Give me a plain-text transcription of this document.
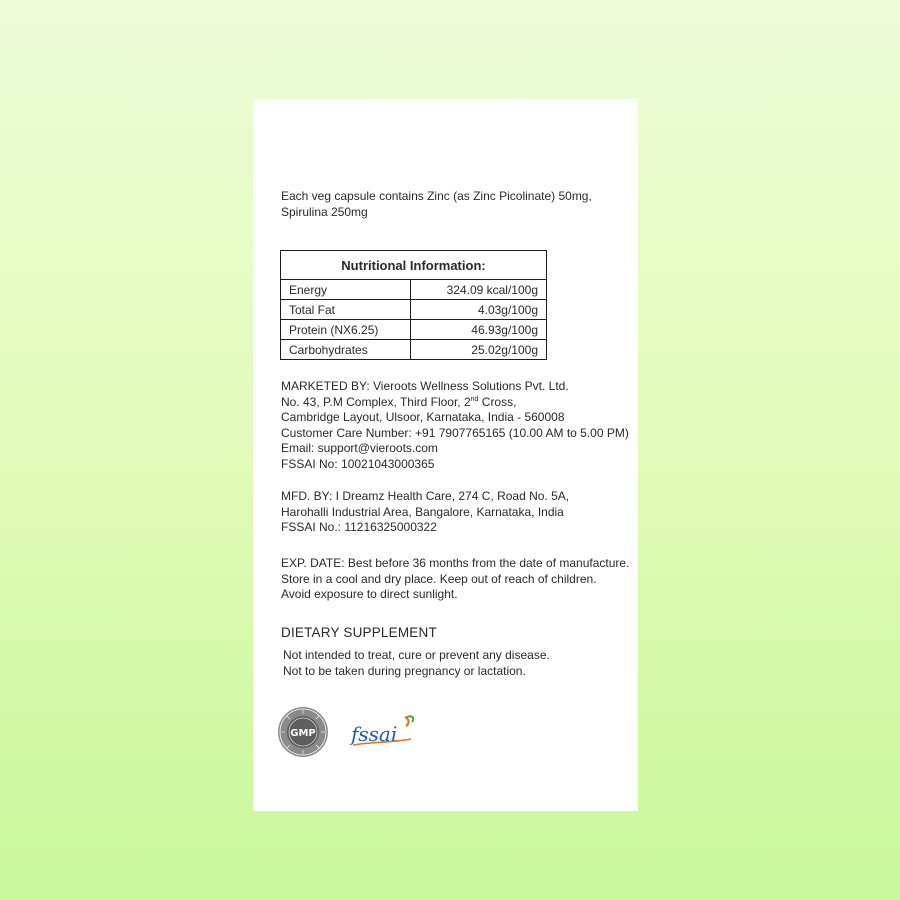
Each veg capsule contains Zinc (as Zinc Picolinate) 50mg,
Spirulina 250mg
Nutritional Information:	
Energy	324.09 kcal/100g
Total Fat	4.03g/100g
Protein (NX6.25)	46.93g/100g
Carbohydrates	25.02g/100g
MARKETED BY: Vieroots Wellness Solutions Pvt. Ltd.
No. 43, P.M Complex, Third Floor, 2nd Cross,
Cambridge Layout, Ulsoor, Karnataka, India - 560008
Customer Care Number: +91 7907765165 (10.00 AM to 5.00 PM)
Email: support@vieroots.com
FSSAI No: 10021043000365
MFD. BY: I Dreamz Health Care, 274 C, Road No. 5A,
Harohalli Industrial Area, Bangalore, Karnataka, India
FSSAI No.: 11216325000322
EXP. DATE: Best before 36 months from the date of manufacture.
Store in a cool and dry place. Keep out of reach of children.
Avoid exposure to direct sunlight.
DIETARY SUPPLEMENT
Not intended to treat, cure or prevent any disease.
Not to be taken during pregnancy or lactation.
GMP fssai
